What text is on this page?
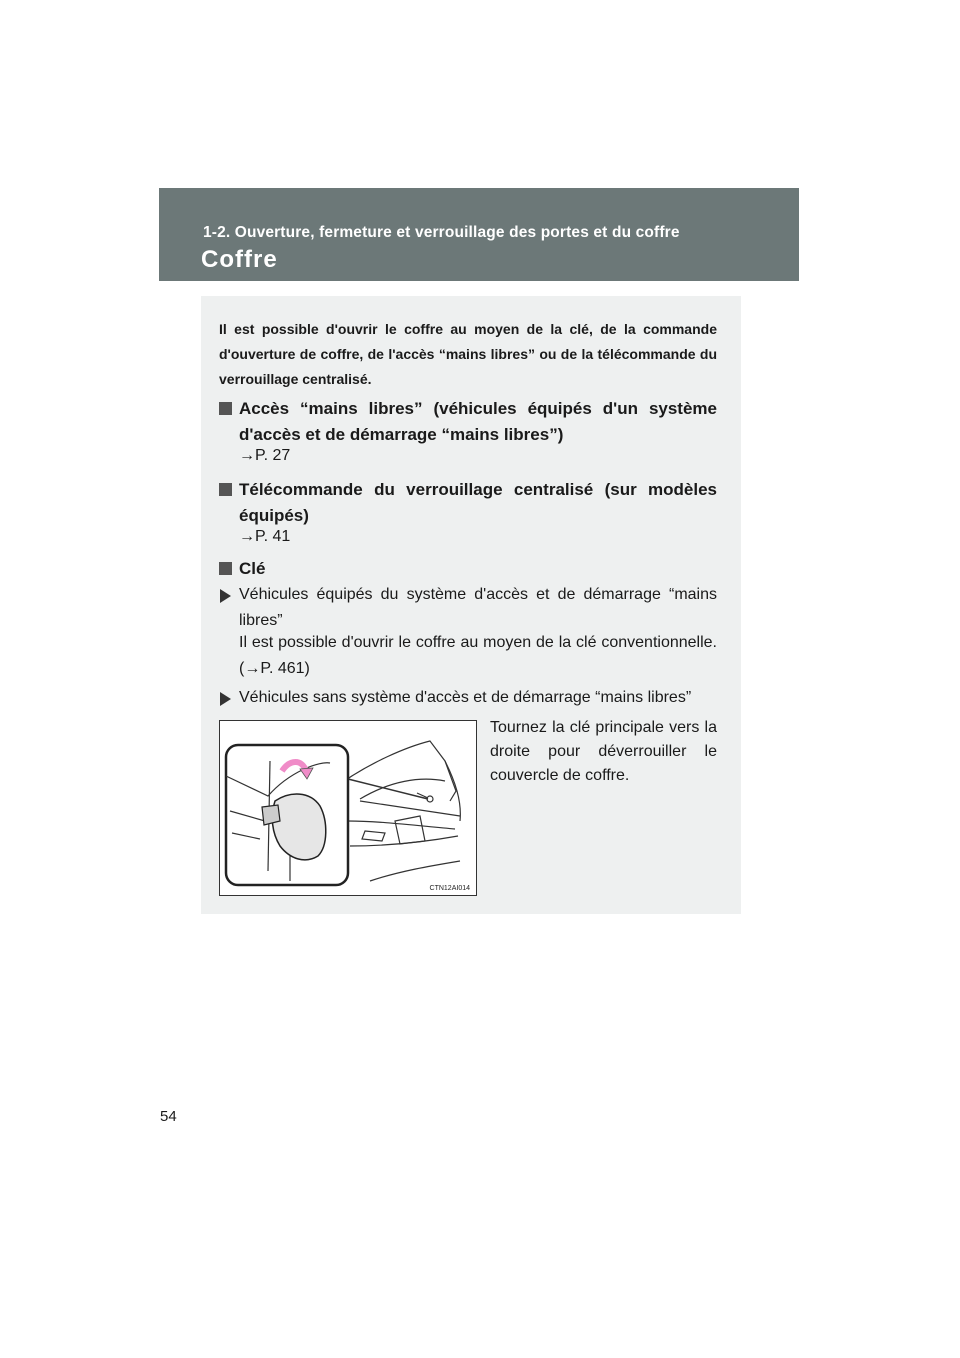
1-2. Ouverture, fermeture et verrouillage des portes et du coffre
Coffre
Il est possible d'ouvrir le coffre au moyen de la clé, de la commande d'ouverture de coffre, de l'accès “mains libres” ou de la télécommande du verrouillage centralisé.
Accès “mains libres” (véhicules équipés d'un système d'accès et de démarrage “mains libres”)
→P. 27
Télécommande du verrouillage centralisé (sur modèles équipés)
→P. 41
Clé
Véhicules équipés du système d'accès et de démarrage “mains libres”
Il est possible d'ouvrir le coffre au moyen de la clé conventionnelle. (→P. 461)
Véhicules sans système d'accès et de démarrage “mains libres”
CTN12AI014
Tournez la clé principale vers la droite pour déverrouiller le couvercle de coffre.
54
